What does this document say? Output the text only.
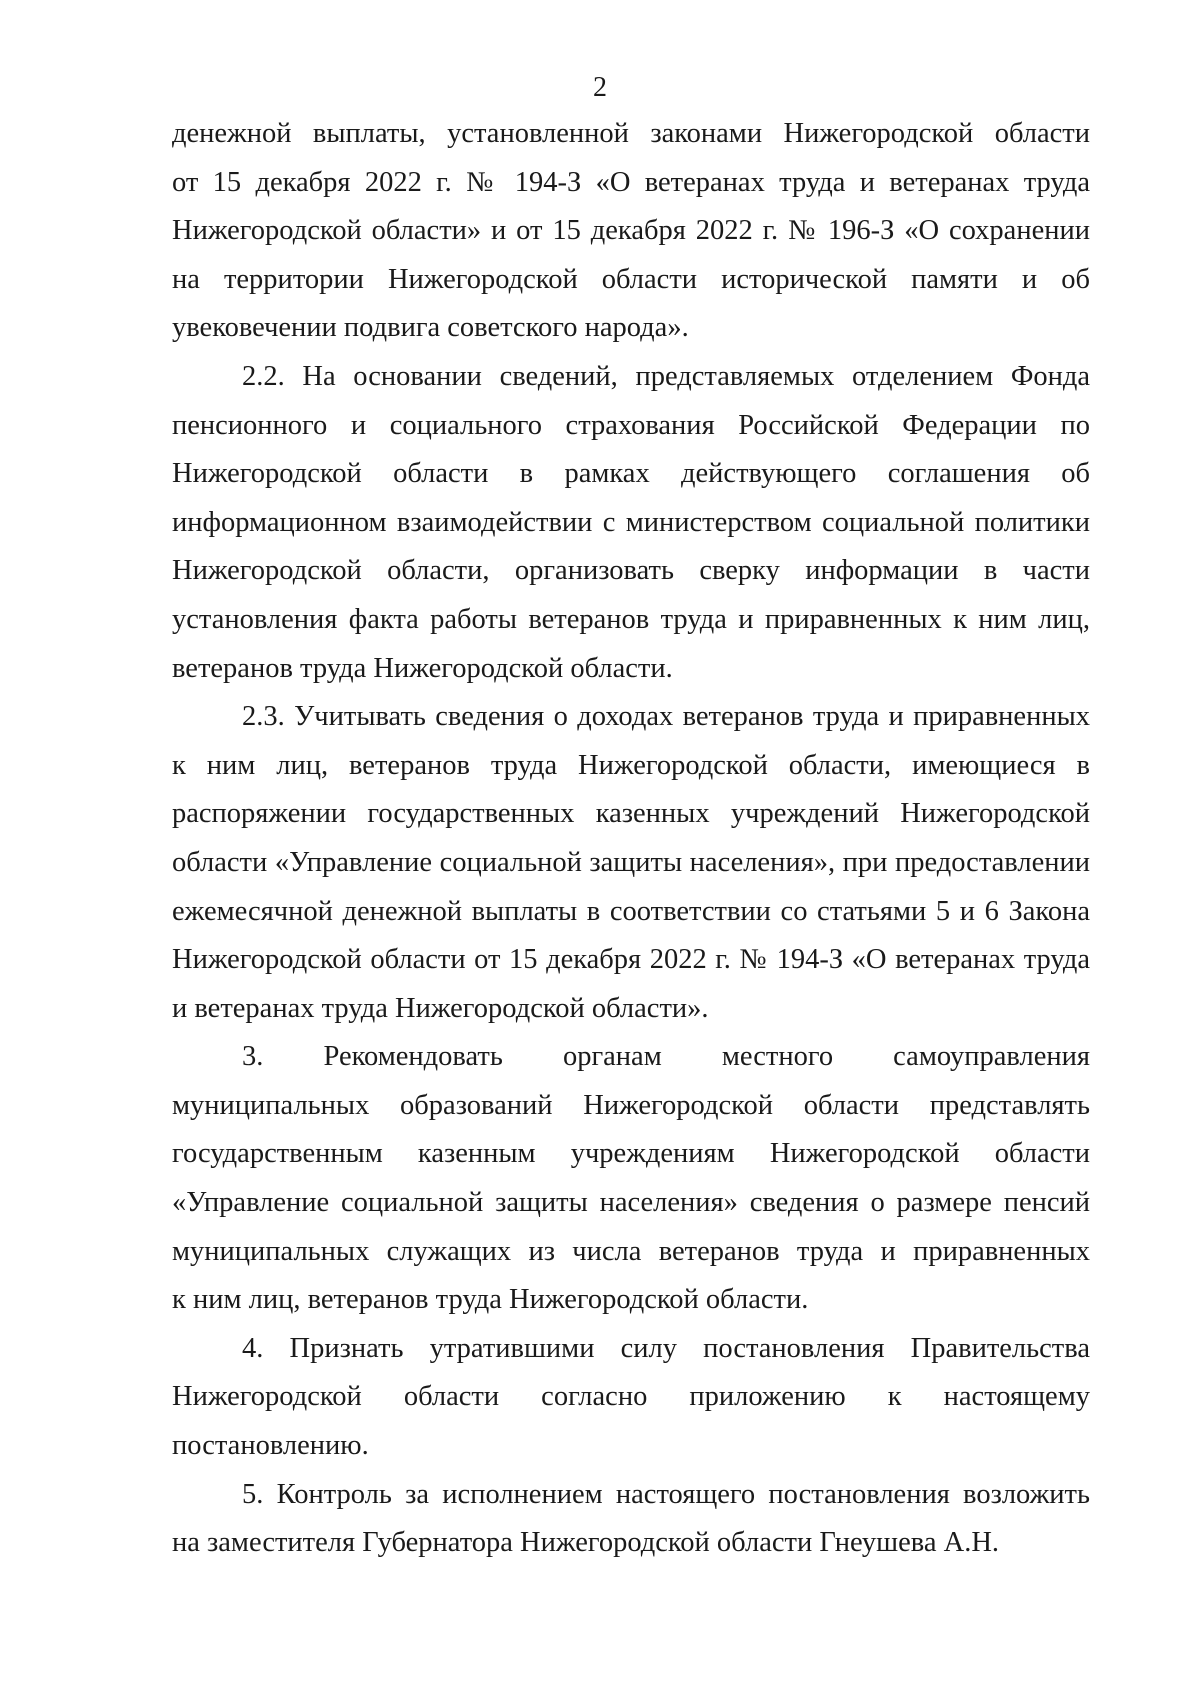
2
денежной выплаты, установленной законами Нижегородской области
от 15 декабря 2022 г. № 194-З «О ветеранах труда и ветеранах труда
Нижегородской области» и от 15 декабря 2022 г. № 196-З «О сохранении
на территории Нижегородской области исторической памяти и об
увековечении подвига советского народа».
2.2. На основании сведений, представляемых отделением Фонда
пенсионного и социального страхования Российской Федерации по
Нижегородской области в рамках действующего соглашения об
информационном взаимодействии с министерством социальной политики
Нижегородской области, организовать сверку информации в части
установления факта работы ветеранов труда и приравненных к ним лиц,
ветеранов труда Нижегородской области.
2.3. Учитывать сведения о доходах ветеранов труда и приравненных
к ним лиц, ветеранов труда Нижегородской области, имеющиеся в
распоряжении государственных казенных учреждений Нижегородской
области «Управление социальной защиты населения», при предоставлении
ежемесячной денежной выплаты в соответствии со статьями 5 и 6 Закона
Нижегородской области от 15 декабря 2022 г. № 194-З «О ветеранах труда
и ветеранах труда Нижегородской области».
3. Рекомендовать органам местного самоуправления
муниципальных образований Нижегородской области представлять
государственным казенным учреждениям Нижегородской области
«Управление социальной защиты населения» сведения о размере пенсий
муниципальных служащих из числа ветеранов труда и приравненных
к ним лиц, ветеранов труда Нижегородской области.
4. Признать утратившими силу постановления Правительства
Нижегородской области согласно приложению к настоящему
постановлению.
5. Контроль за исполнением настоящего постановления возложить
на заместителя Губернатора Нижегородской области Гнеушева А.Н.
